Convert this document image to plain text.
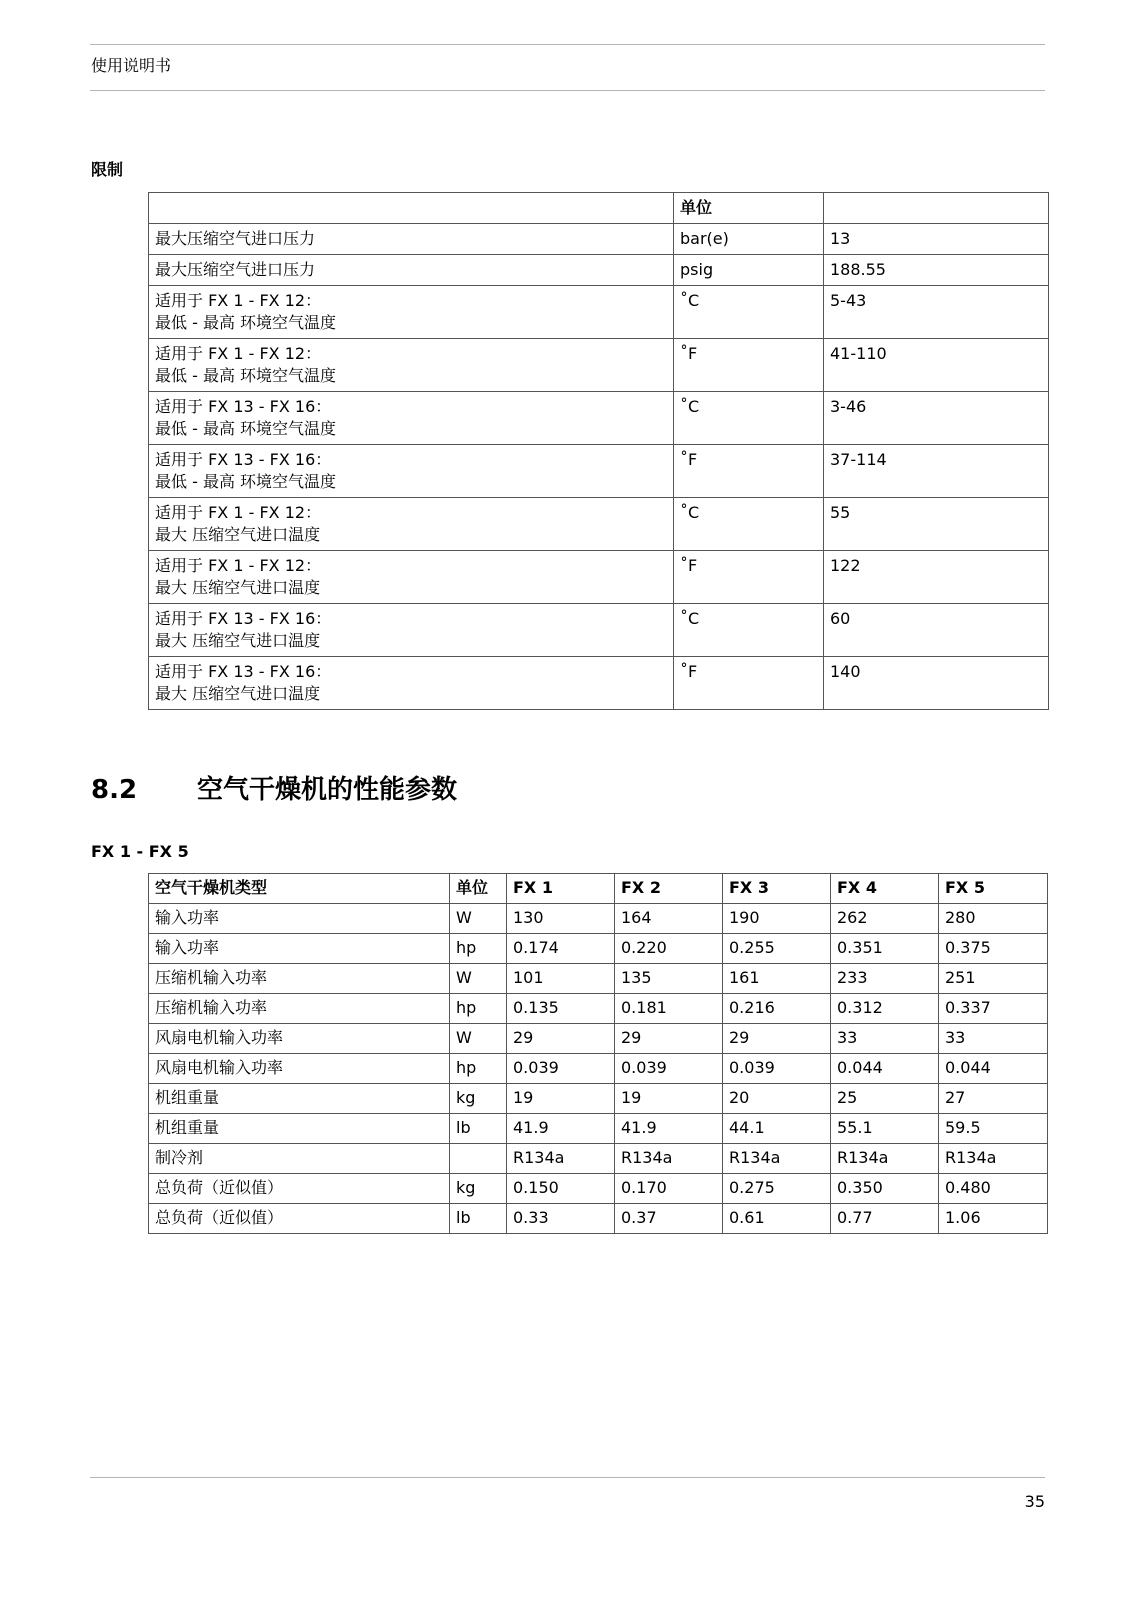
使用说明书
限制
	单位	

最大压缩空气进口压力	bar(e)	13

最大压缩空气进口压力	psig	188.55

适用于 FX 1 - FX 12：
最低 - 最高 环境空气温度	˚C	5-43

适用于 FX 1 - FX 12：
最低 - 最高 环境空气温度	˚F	41-110

适用于 FX 13 - FX 16：
最低 - 最高 环境空气温度	˚C	3-46

适用于 FX 13 - FX 16：
最低 - 最高 环境空气温度	˚F	37-114

适用于 FX 1 - FX 12：
最大 压缩空气进口温度	˚C	55

适用于 FX 1 - FX 12：
最大 压缩空气进口温度	˚F	122

适用于 FX 13 - FX 16：
最大 压缩空气进口温度	˚C	60

适用于 FX 13 - FX 16：
最大 压缩空气进口温度	˚F	140
8.2 空气干燥机的性能参数
FX 1 - FX 5
空气干燥机类型	单位	FX 1	FX 2	FX 3	FX 4	FX 5
输入功率	W	130	164	190	262	280
输入功率	hp	0.174	0.220	0.255	0.351	0.375
压缩机输入功率	W	101	135	161	233	251
压缩机输入功率	hp	0.135	0.181	0.216	0.312	0.337
风扇电机输入功率	W	29	29	29	33	33
风扇电机输入功率	hp	0.039	0.039	0.039	0.044	0.044
机组重量	kg	19	19	20	25	27
机组重量	lb	41.9	41.9	44.1	55.1	59.5
制冷剂		R134a	R134a	R134a	R134a	R134a
总负荷（近似值）	kg	0.150	0.170	0.275	0.350	0.480
总负荷（近似值）	lb	0.33	0.37	0.61	0.77	1.06
35
